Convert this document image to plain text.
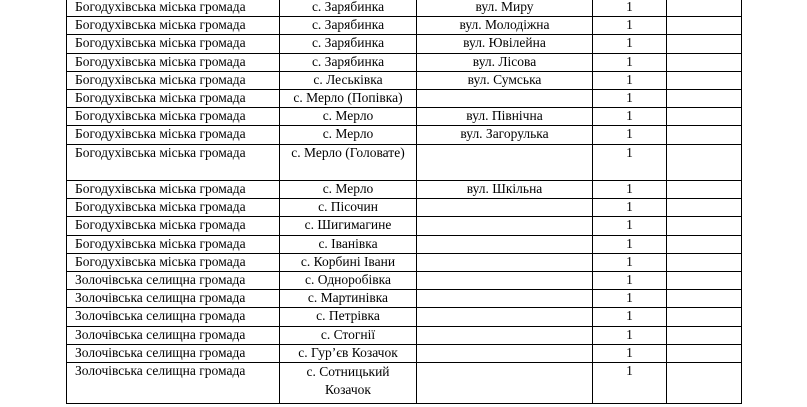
Богодухівська міська громада	с. Зарябинка	вул. Миру	1	
Богодухівська міська громада	с. Зарябинка	вул. Молодіжна	1	
Богодухівська міська громада	с. Зарябинка	вул. Ювілейна	1	
Богодухівська міська громада	с. Зарябинка	вул. Лісова	1	
Богодухівська міська громада	с. Леськівка	вул. Сумська	1	
Богодухівська міська громада	с. Мерло (Попівка)		1	
Богодухівська міська громада	с. Мерло	вул. Північна	1	
Богодухівська міська громада	с. Мерло	вул. Загорулька	1	
Богодухівська міська громада	с. Мерло (Головате)		1	
Богодухівська міська громада	с. Мерло	вул. Шкільна	1	
Богодухівська міська громада	с. Пісочин		1	
Богодухівська міська громада	с. Шигимагине		1	
Богодухівська міська громада	с. Іванівка		1	
Богодухівська міська громада	с. Корбині Івани		1	
Золочівська селищна громада	с. Одноробівка		1	
Золочівська селищна громада	с. Мартинівка		1	
Золочівська селищна громада	с. Петрівка		1	
Золочівська селищна громада	с. Стогнії		1	
Золочівська селищна громада	с. Гур’єв Козачок		1	
Золочівська селищна громада	с. Сотницький Козачок		1	
